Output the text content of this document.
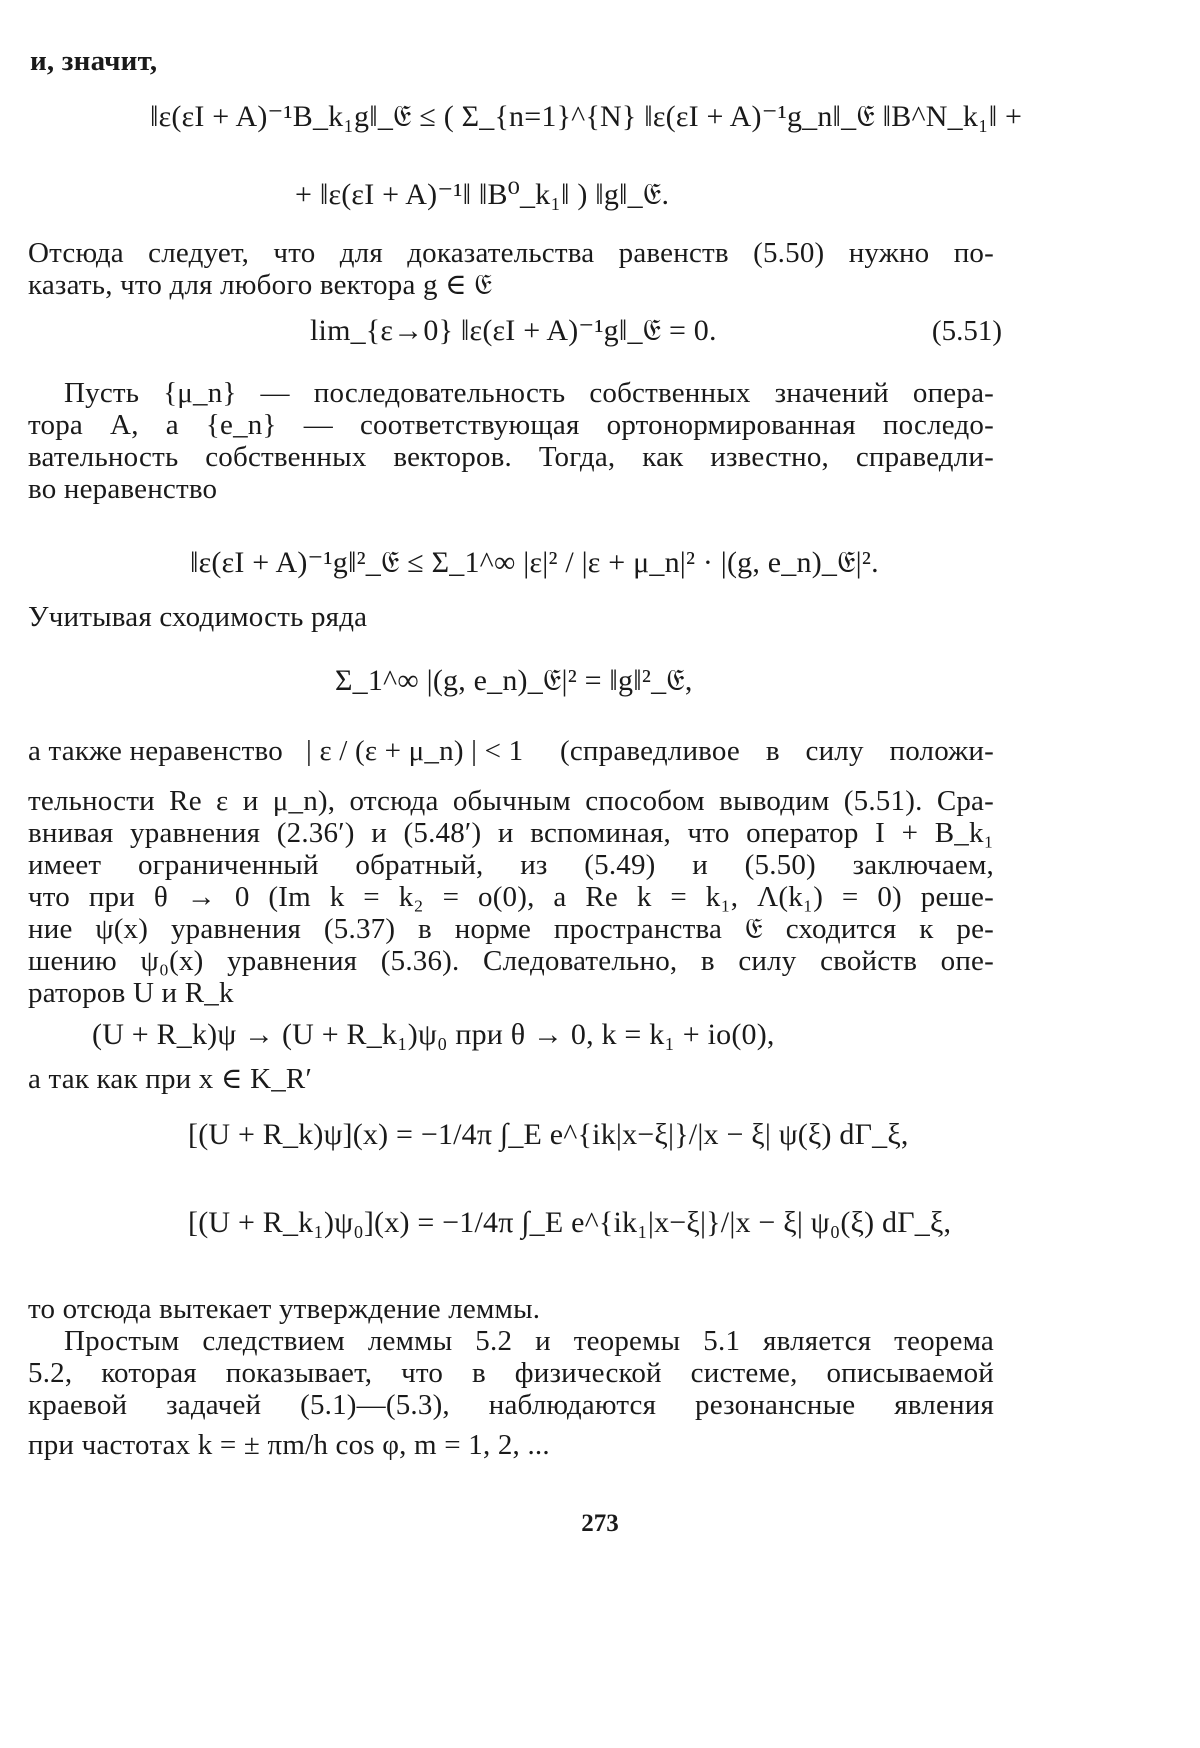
и, значит,
‖ε(εI + A)⁻¹B_k₁g‖_𝔈 ≤ ( Σ_{n=1}^{N} ‖ε(εI + A)⁻¹g_n‖_𝔈 ‖B^N_k₁‖ +
+ ‖ε(εI + A)⁻¹‖ ‖B⁰_k₁‖ ) ‖g‖_𝔈.
Отсюда следует, что для доказательства равенств (5.50) нужно по-
казать, что для любого вектора g ∈ 𝔈
lim_{ε→0} ‖ε(εI + A)⁻¹g‖_𝔈 = 0.	(5.51)
Пусть {μ_n} — последовательность собственных значений опера-
тора A, а {e_n} — соответствующая ортонормированная последо-
вательность собственных векторов. Тогда, как известно, справедли-
во неравенство
‖ε(εI + A)⁻¹g‖²_𝔈 ≤ Σ_1^∞ |ε|² / |ε + μ_n|² · |(g, e_n)_𝔈|².
Учитывая сходимость ряда
Σ_1^∞ |(g, e_n)_𝔈|² = ‖g‖²_𝔈,
а также неравенство | ε / (ε + μ_n) | < 1 (справедливое в силу положи-
тельности Re ε и μ_n), отсюда обычным способом выводим (5.51). Сра-
внивая уравнения (2.36′) и (5.48′) и вспоминая, что оператор I + B_k₁
имеет ограниченный обратный, из (5.49) и (5.50) заключаем,
что при θ → 0 (Im k = k₂ = o(0), а Re k = k₁, Λ(k₁) = 0) реше-
ние ψ(x) уравнения (5.37) в норме пространства 𝔈 сходится к ре-
шению ψ₀(x) уравнения (5.36). Следовательно, в силу свойств опе-
раторов U и R_k
(U + R_k)ψ → (U + R_k₁)ψ₀ при θ → 0, k = k₁ + io(0),
а так как при x ∈ K_R′
[(U + R_k)ψ](x) = −1/4π ∫_E e^{ik|x−ξ|}/|x − ξ| ψ(ξ) dΓ_ξ,
[(U + R_k₁)ψ₀](x) = −1/4π ∫_E e^{ik₁|x−ξ|}/|x − ξ| ψ₀(ξ) dΓ_ξ,
то отсюда вытекает утверждение леммы.
Простым следствием леммы 5.2 и теоремы 5.1 является теорема
5.2, которая показывает, что в физической системе, описываемой
краевой задачей (5.1)—(5.3), наблюдаются резонансные явления
при частотах k = ± πm/h cos φ, m = 1, 2, ...
273
